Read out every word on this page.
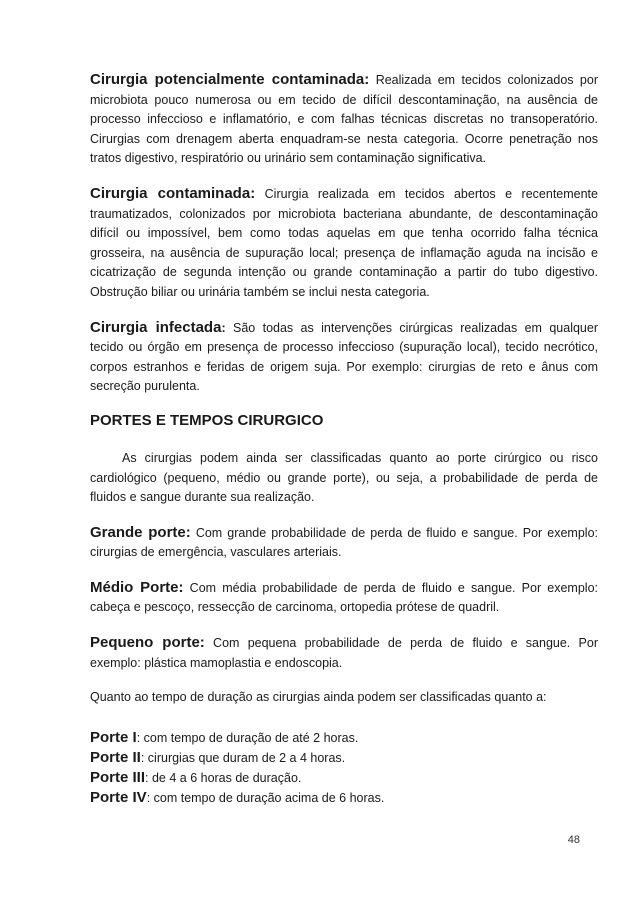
Cirurgia potencialmente contaminada: Realizada em tecidos colonizados por microbiota pouco numerosa ou em tecido de difícil descontaminação, na ausência de processo infeccioso e inflamatório, e com falhas técnicas discretas no transoperatório. Cirurgias com drenagem aberta enquadram-se nesta categoria. Ocorre penetração nos tratos digestivo, respiratório ou urinário sem contaminação significativa.

Cirurgia contaminada: Cirurgia realizada em tecidos abertos e recentemente traumatizados, colonizados por microbiota bacteriana abundante, de descontaminação difícil ou impossível, bem como todas aquelas em que tenha ocorrido falha técnica grosseira, na ausência de supuração local; presença de inflamação aguda na incisão e cicatrização de segunda intenção ou grande contaminação a partir do tubo digestivo. Obstrução biliar ou urinária também se inclui nesta categoria.

Cirurgia infectada: São todas as intervenções cirúrgicas realizadas em qualquer tecido ou órgão em presença de processo infeccioso (supuração local), tecido necrótico, corpos estranhos e feridas de origem suja. Por exemplo: cirurgias de reto e ânus com secreção purulenta.

PORTES E TEMPOS CIRURGICO

As cirurgias podem ainda ser classificadas quanto ao porte cirúrgico ou risco cardiológico (pequeno, médio ou grande porte), ou seja, a probabilidade de perda de fluidos e sangue durante sua realização.

Grande porte: Com grande probabilidade de perda de fluido e sangue. Por exemplo: cirurgias de emergência, vasculares arteriais.

Médio Porte: Com média probabilidade de perda de fluido e sangue. Por exemplo: cabeça e pescoço, ressecção de carcinoma, ortopedia prótese de quadril.

Pequeno porte: Com pequena probabilidade de perda de fluido e sangue. Por exemplo: plástica mamoplastia e endoscopia.

Quanto ao tempo de duração as cirurgias ainda podem ser classificadas quanto a:

Porte I: com tempo de duração de até 2 horas.

Porte II: cirurgias que duram de 2 a 4 horas.

Porte III: de 4 a 6 horas de duração.

Porte IV: com tempo de duração acima de 6 horas.

48
